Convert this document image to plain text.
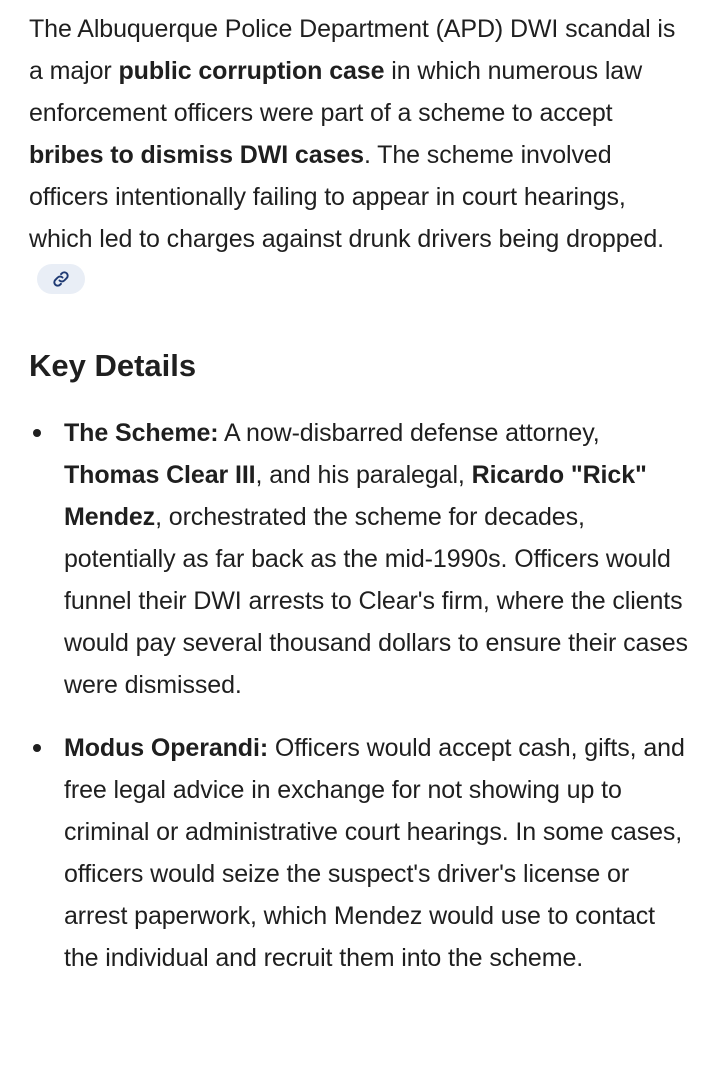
The Albuquerque Police Department (APD) DWI scandal is a major public corruption case in which numerous law enforcement officers were part of a scheme to accept bribes to dismiss DWI cases. The scheme involved officers intentionally failing to appear in court hearings, which led to charges against drunk drivers being dropped.

Key Details
The Scheme: A now-disbarred defense attorney, Thomas Clear III, and his paralegal, Ricardo "Rick" Mendez, orchestrated the scheme for decades, potentially as far back as the mid-1990s. Officers would funnel their DWI arrests to Clear's firm, where the clients would pay several thousand dollars to ensure their cases were dismissed.
Modus Operandi: Officers would accept cash, gifts, and free legal advice in exchange for not showing up to criminal or administrative court hearings. In some cases, officers would seize the suspect's driver's license or arrest paperwork, which Mendez would use to contact the individual and recruit them into the scheme.
